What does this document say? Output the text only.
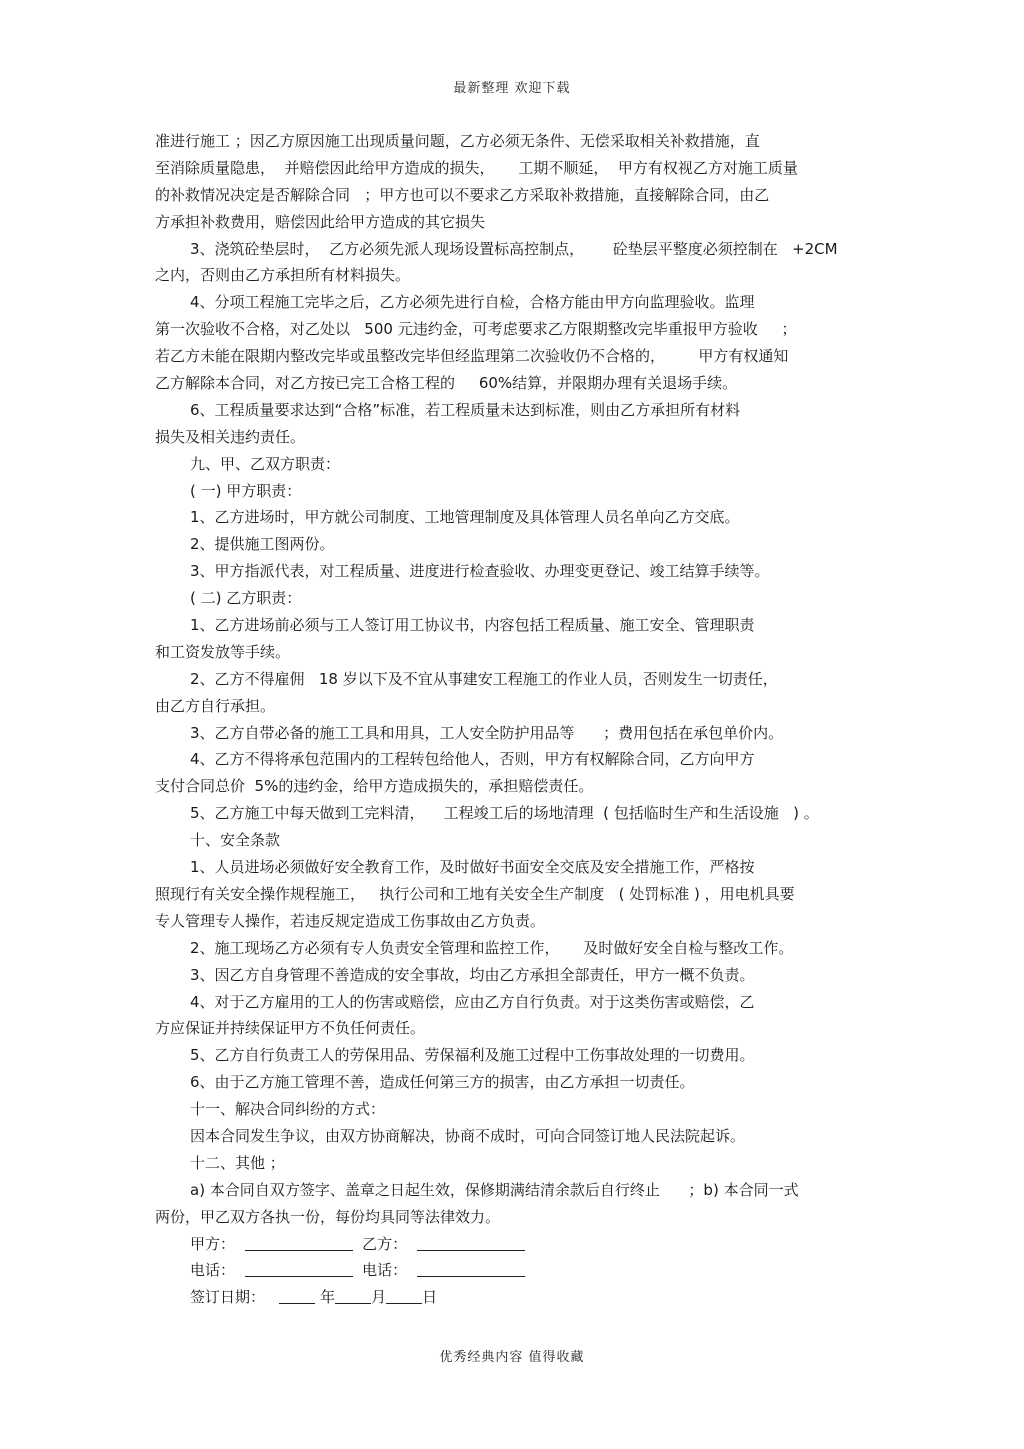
最新整理 欢迎下载
准进行施工 ；因乙方原因施工出现质量问题，乙方必须无条件、无偿采取相关补救措施，直
至消除质量隐患，  并赔偿因此给甲方造成的损失，     工期不顺延，  甲方有权视乙方对施工质量
的补救情况决定是否解除合同   ；甲方也可以不要求乙方采取补救措施，直接解除合同，由乙
方承担补救费用，赔偿因此给甲方造成的其它损失
3、浇筑砼垫层时，  乙方必须先派人现场设置标高控制点，      砼垫层平整度必须控制在   +2CM
之内，否则由乙方承担所有材料损失。
4、分项工程施工完毕之后，乙方必须先进行自检，合格方能由甲方向监理验收。监理
第一次验收不合格，对乙处以   500 元违约金，可考虑要求乙方限期整改完毕重报甲方验收     ；
若乙方未能在限期内整改完毕或虽整改完毕但经监理第二次验收仍不合格的，       甲方有权通知
乙方解除本合同，对乙方按已完工合格工程的     60%结算，并限期办理有关退场手续。
6、工程质量要求达到“合格”标准，若工程质量未达到标准，则由乙方承担所有材料
损失及相关违约责任。
九、甲、乙双方职责：
( 一) 甲方职责：
1、乙方进场时，甲方就公司制度、工地管理制度及具体管理人员名单向乙方交底。
2、提供施工图两份。
3、甲方指派代表，对工程质量、进度进行检查验收、办理变更登记、竣工结算手续等。
( 二) 乙方职责：
1、乙方进场前必须与工人签订用工协议书，内容包括工程质量、施工安全、管理职责
和工资发放等手续。
2、乙方不得雇佣   18 岁以下及不宜从事建安工程施工的作业人员，否则发生一切责任，
由乙方自行承担。
3、乙方自带必备的施工工具和用具，工人安全防护用品等      ；费用包括在承包单价内。
4、乙方不得将承包范围内的工程转包给他人，否则，甲方有权解除合同，乙方向甲方
支付合同总价  5%的违约金，给甲方造成损失的，承担赔偿责任。
5、乙方施工中每天做到工完料清，    工程竣工后的场地清理  ( 包括临时生产和生活设施   ) 。
十、安全条款
1、人员进场必须做好安全教育工作，及时做好书面安全交底及安全措施工作，严格按
照现行有关安全操作规程施工，   执行公司和工地有关安全生产制度   ( 处罚标准 ) ，用电机具要
专人管理专人操作，若违反规定造成工伤事故由乙方负责。
2、施工现场乙方必须有专人负责安全管理和监控工作，     及时做好安全自检与整改工作。
3、因乙方自身管理不善造成的安全事故，均由乙方承担全部责任，甲方一概不负责。
4、对于乙方雇用的工人的伤害或赔偿，应由乙方自行负责。对于这类伤害或赔偿，乙
方应保证并持续保证甲方不负任何责任。
5、乙方自行负责工人的劳保用品、劳保福利及施工过程中工伤事故处理的一切费用。
6、由于乙方施工管理不善，造成任何第三方的损害，由乙方承担一切责任。
十一、解决合同纠纷的方式：
因本合同发生争议，由双方协商解决，协商不成时，可向合同签订地人民法院起诉。
十二、其他 ；
a) 本合同自双方签字、盖章之日起生效，保修期满结清余款后自行终止      ；b) 本合同一式
两份，甲乙双方各执一份，每份均具同等法律效力。
甲方：	乙方：
电话：	电话：
签订日期：	年 月 日
优秀经典内容 值得收藏
